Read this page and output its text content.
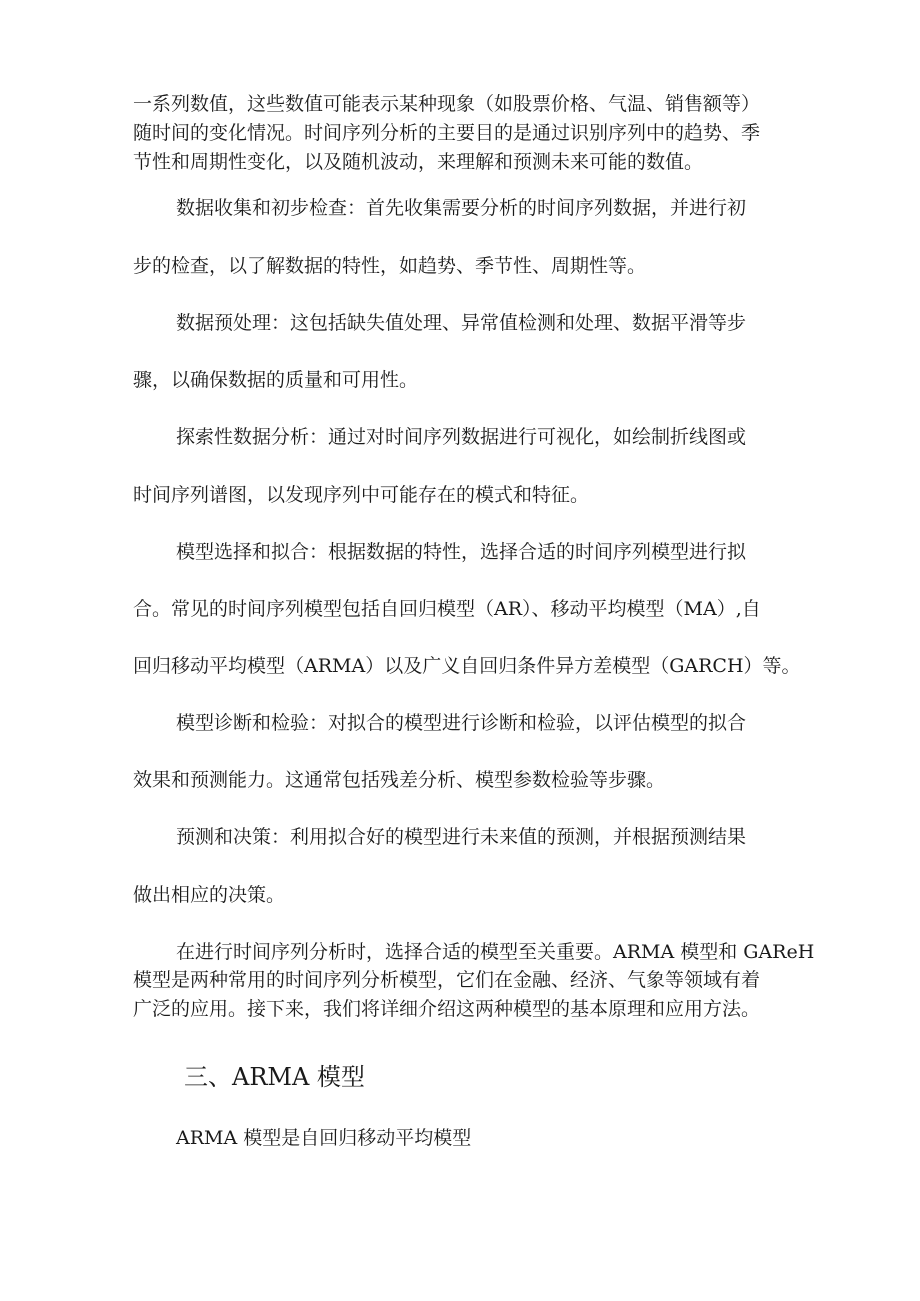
一系列数值，这些数值可能表示某种现象（如股票价格、气温、销售额等）

随时间的变化情况。时间序列分析的主要目的是通过识别序列中的趋势、季

节性和周期性变化，以及随机波动，来理解和预测未来可能的数值。

数据收集和初步检查：首先收集需要分析的时间序列数据，并进行初

步的检查，以了解数据的特性，如趋势、季节性、周期性等。

数据预处理：这包括缺失值处理、异常值检测和处理、数据平滑等步

骤，以确保数据的质量和可用性。

探索性数据分析：通过对时间序列数据进行可视化，如绘制折线图或

时间序列谱图，以发现序列中可能存在的模式和特征。

模型选择和拟合：根据数据的特性，选择合适的时间序列模型进行拟

合。常见的时间序列模型包括自回归模型（AR）、移动平均模型（MA）,自

回归移动平均模型（ARMA）以及广义自回归条件异方差模型（GARCH）等。

模型诊断和检验：对拟合的模型进行诊断和检验，以评估模型的拟合

效果和预测能力。这通常包括残差分析、模型参数检验等步骤。

预测和决策：利用拟合好的模型进行未来值的预测，并根据预测结果

做出相应的决策。

在进行时间序列分析时，选择合适的模型至关重要。ARMA 模型和 GAReH

模型是两种常用的时间序列分析模型，它们在金融、经济、气象等领域有着

广泛的应用。接下来，我们将详细介绍这两种模型的基本原理和应用方法。

三、ARMA 模型

ARMA 模型是自回归移动平均模型
